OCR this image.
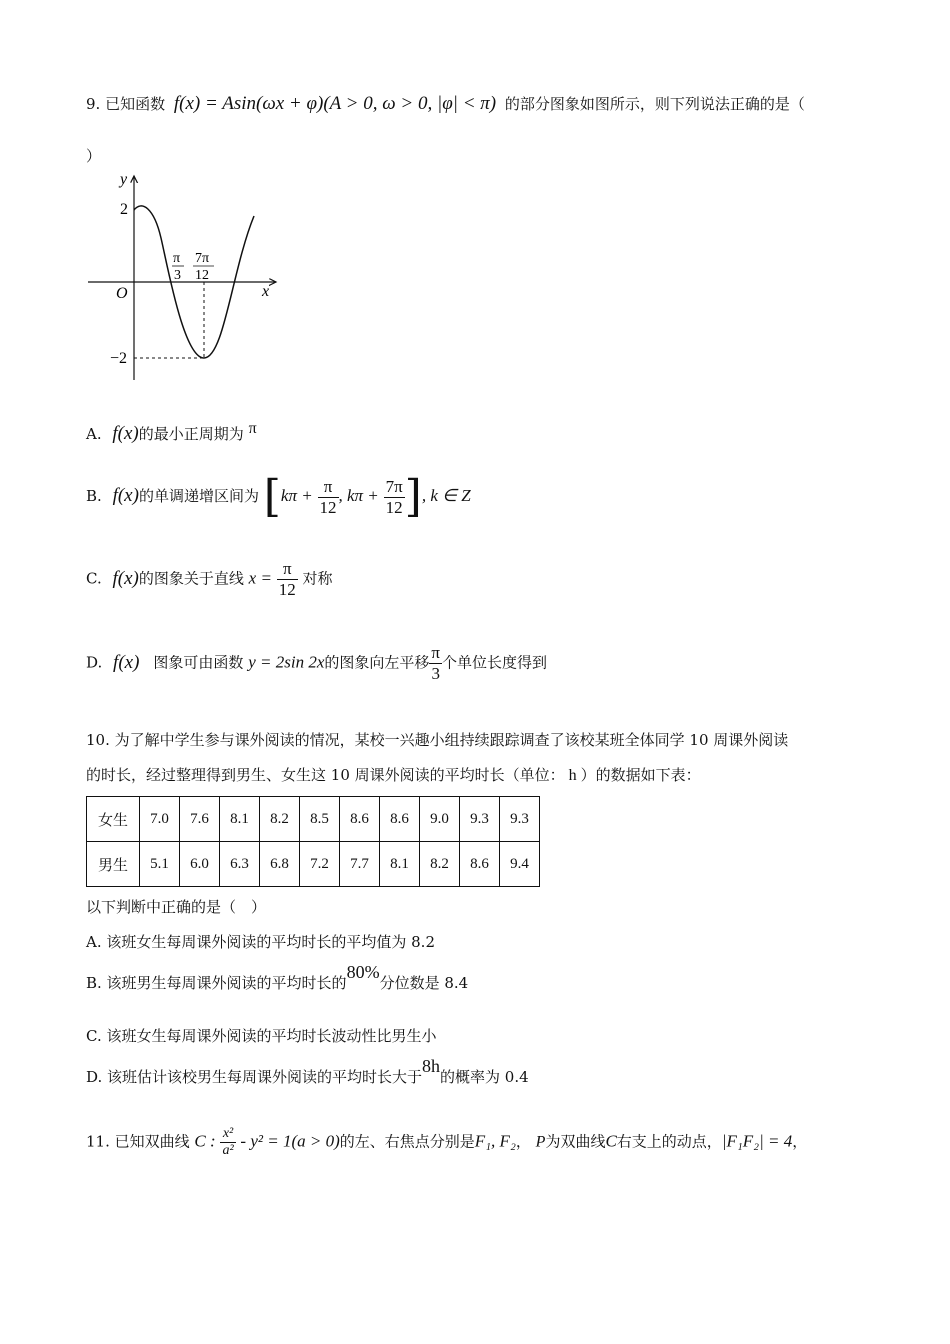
9. 已知函数 f(x) = Asin(ωx + φ)(A > 0, ω > 0, |φ| < π) 的部分图象如图所示，则下列说法正确的是（
）
y
x
O
2
−2
π
3
7π
12
A. f(x)的最小正周期为 π
B. f(x)的单调递增区间为 [$k\pi + \frac{\pi}{12}$ , $k\pi + \frac{7\pi}{12}$ ], k ∈ Z
C. f(x)的图象关于直线 $x = \frac{\pi}{12}$ 对称
D. f(x) 图象可由函数 y = 2sin 2x的图象向左平移 $\frac{\pi}{3}$ 个单位长度得到
10. 为了解中学生参与课外阅读的情况，某校一兴趣小组持续跟踪调查了该校某班全体同学 10 周课外阅读
的时长，经过整理得到男生、女生这 10 周课外阅读的平均时长（单位： h ）的数据如下表：
女生	7.0	7.6	8.1	8.2	8.5	8.6	8.6	9.0	9.3	9.3
男生	5.1	6.0	6.3	6.8	7.2	7.7	8.1	8.2	8.6	9.4
以下判断中正确的是（　）
A. 该班女生每周课外阅读的平均时长的平均值为 8.2
B. 该班男生每周课外阅读的平均时长的80%分位数是 8.4
C. 该班女生每周课外阅读的平均时长波动性比男生小
D. 该班估计该校男生每周课外阅读的平均时长大于8h的概率为 0.4
11. 已知双曲线 C : $\frac{\text{x²}}{\text{a²}} - y^2 = 1(a > 0)$的左、右焦点分别是F₁, F₂， P为双曲线C右支上的动点，|F₁F₂| = 4，
